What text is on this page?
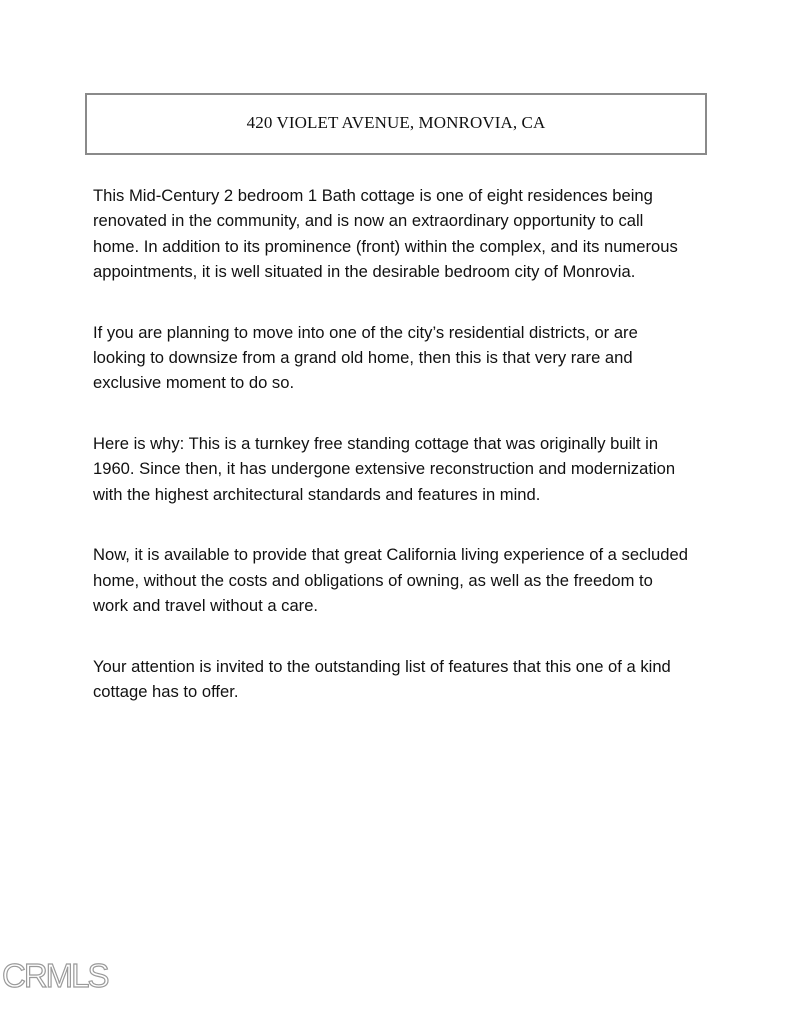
420 VIOLET AVENUE, MONROVIA, CA

This Mid-Century 2 bedroom 1 Bath cottage is one of eight residences being
renovated in the community, and is now an extraordinary opportunity to call
home. In addition to its prominence (front) within the complex, and its numerous
appointments, it is well situated in the desirable bedroom city of Monrovia.

If you are planning to move into one of the city’s residential districts, or are
looking to downsize from a grand old home, then this is that very rare and
exclusive moment to do so.

Here is why: This is a turnkey free standing cottage that was originally built in
1960. Since then, it has undergone extensive reconstruction and modernization
with the highest architectural standards and features in mind.

Now, it is available to provide that great California living experience of a secluded
home, without the costs and obligations of owning, as well as the freedom to
work and travel without a care.

Your attention is invited to the outstanding list of features that this one of a kind
cottage has to offer.

CRMLS
